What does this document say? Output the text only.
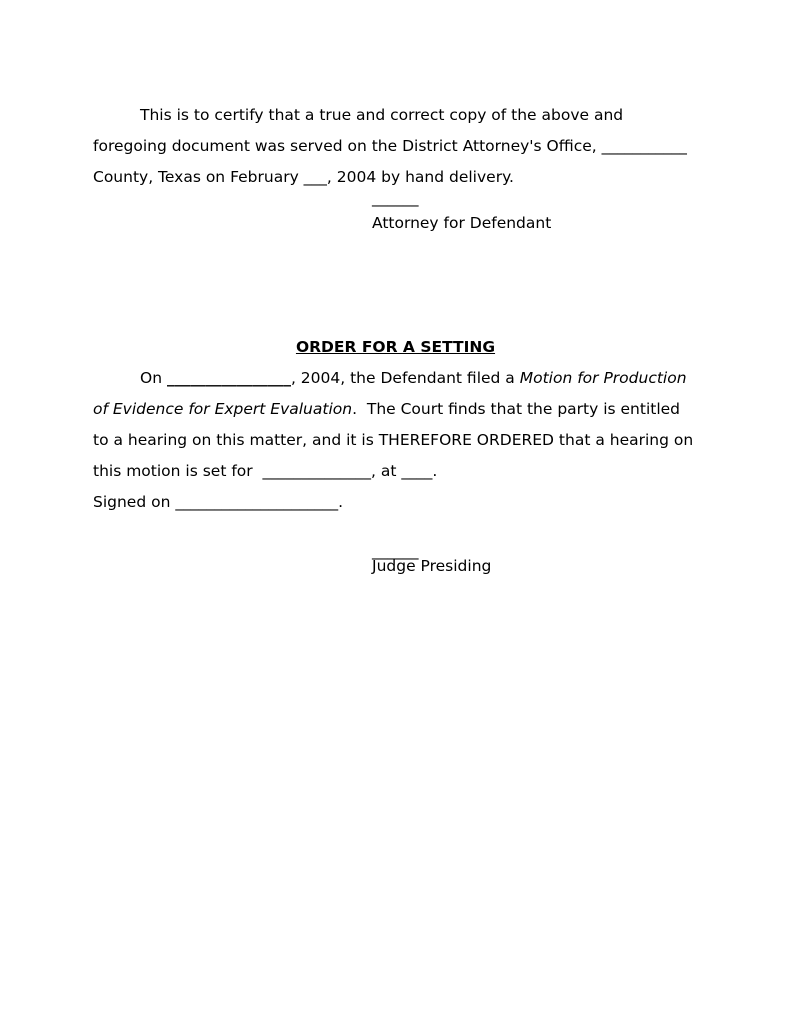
This is to certify that a true and correct copy of the above and
foregoing document was served on the District Attorney's Office, ___________
County, Texas on February ___, 2004 by hand delivery.
______
Attorney for Defendant
ORDER FOR A SETTING
On ________________, 2004, the Defendant filed a Motion for Production
of Evidence for Expert Evaluation.  The Court finds that the party is entitled
to a hearing on this matter, and it is THEREFORE ORDERED that a hearing on
this motion is set for  ______________, at ____.
Signed on _____________________.
______
Judge Presiding
